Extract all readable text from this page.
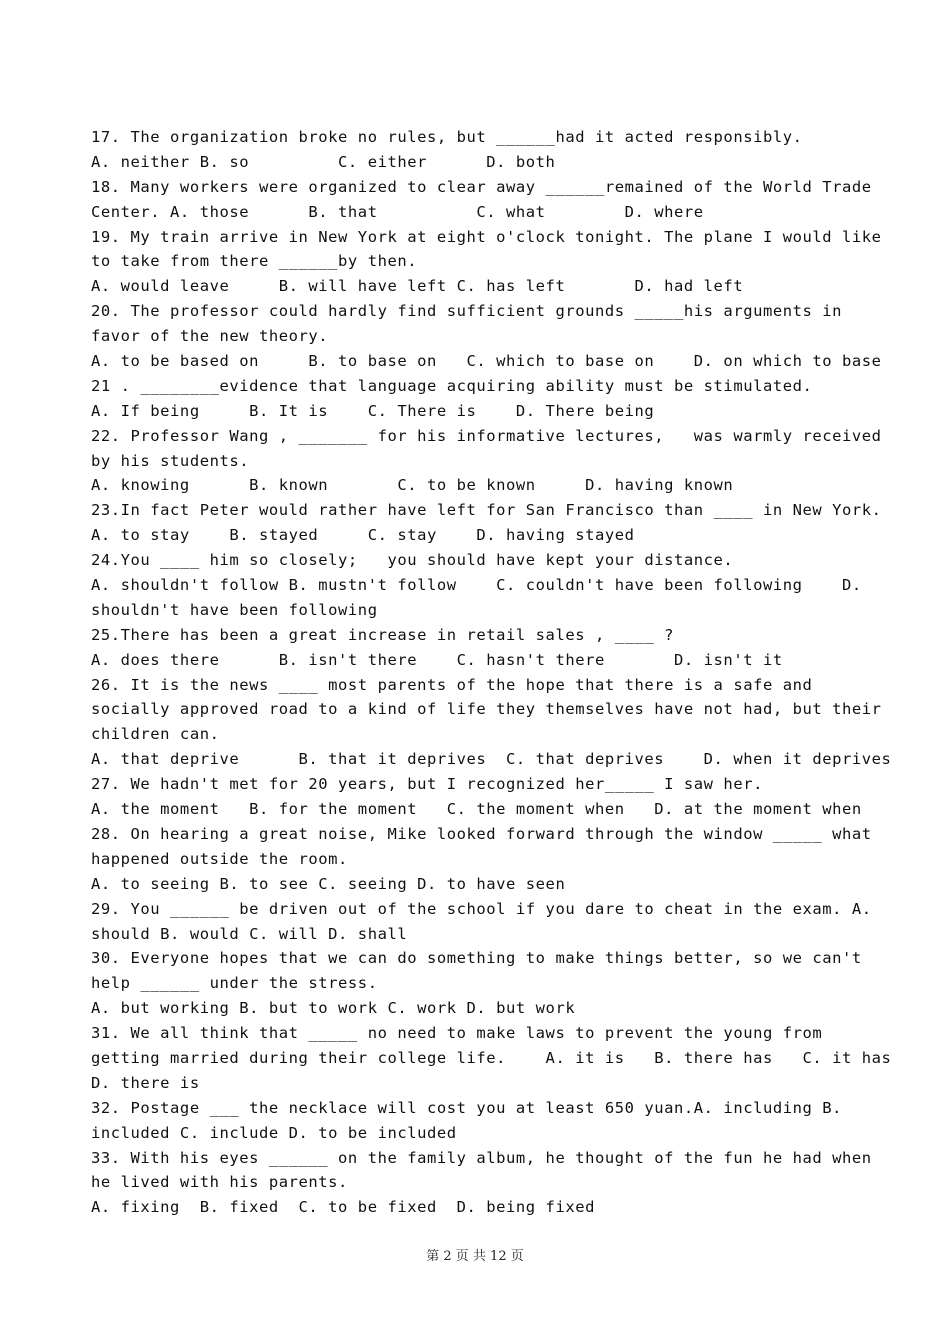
17. The organization broke no rules, but ______had it acted responsibly.
A. neither B. so         C. either      D. both
18. Many workers were organized to clear away ______remained of the World Trade
Center. A. those      B. that          C. what        D. where
19. My train arrive in New York at eight o'clock tonight. The plane I would like
to take from there ______by then.
A. would leave     B. will have left C. has left       D. had left
20. The professor could hardly find sufficient grounds _____his arguments in
favor of the new theory.
A. to be based on     B. to base on   C. which to base on    D. on which to base
21 . ________evidence that language acquiring ability must be stimulated.
A. If being     B. It is    C. There is    D. There being
22. Professor Wang , _______ for his informative lectures,   was warmly received
by his students.
A. knowing      B. known       C. to be known     D. having known
23.In fact Peter would rather have left for San Francisco than ____ in New York.
A. to stay    B. stayed     C. stay    D. having stayed
24.You ____ him so closely;   you should have kept your distance.
A. shouldn't follow B. mustn't follow    C. couldn't have been following    D.
shouldn't have been following
25.There has been a great increase in retail sales , ____ ?
A. does there      B. isn't there    C. hasn't there       D. isn't it
26. It is the news ____ most parents of the hope that there is a safe and
socially approved road to a kind of life they themselves have not had, but their
children can.
A. that deprive      B. that it deprives  C. that deprives    D. when it deprives
27. We hadn't met for 20 years, but I recognized her_____ I saw her.
A. the moment   B. for the moment   C. the moment when   D. at the moment when
28. On hearing a great noise, Mike looked forward through the window _____ what
happened outside the room.
A. to seeing B. to see C. seeing D. to have seen
29. You ______ be driven out of the school if you dare to cheat in the exam. A.
should B. would C. will D. shall
30. Everyone hopes that we can do something to make things better, so we can't
help ______ under the stress.
A. but working B. but to work C. work D. but work
31. We all think that _____ no need to make laws to prevent the young from
getting married during their college life.    A. it is   B. there has   C. it has
D. there is
32. Postage ___ the necklace will cost you at least 650 yuan.A. including B.
included C. include D. to be included
33. With his eyes ______ on the family album, he thought of the fun he had when
he lived with his parents.
A. fixing  B. fixed  C. to be fixed  D. being fixed
第 2 页 共 12 页
